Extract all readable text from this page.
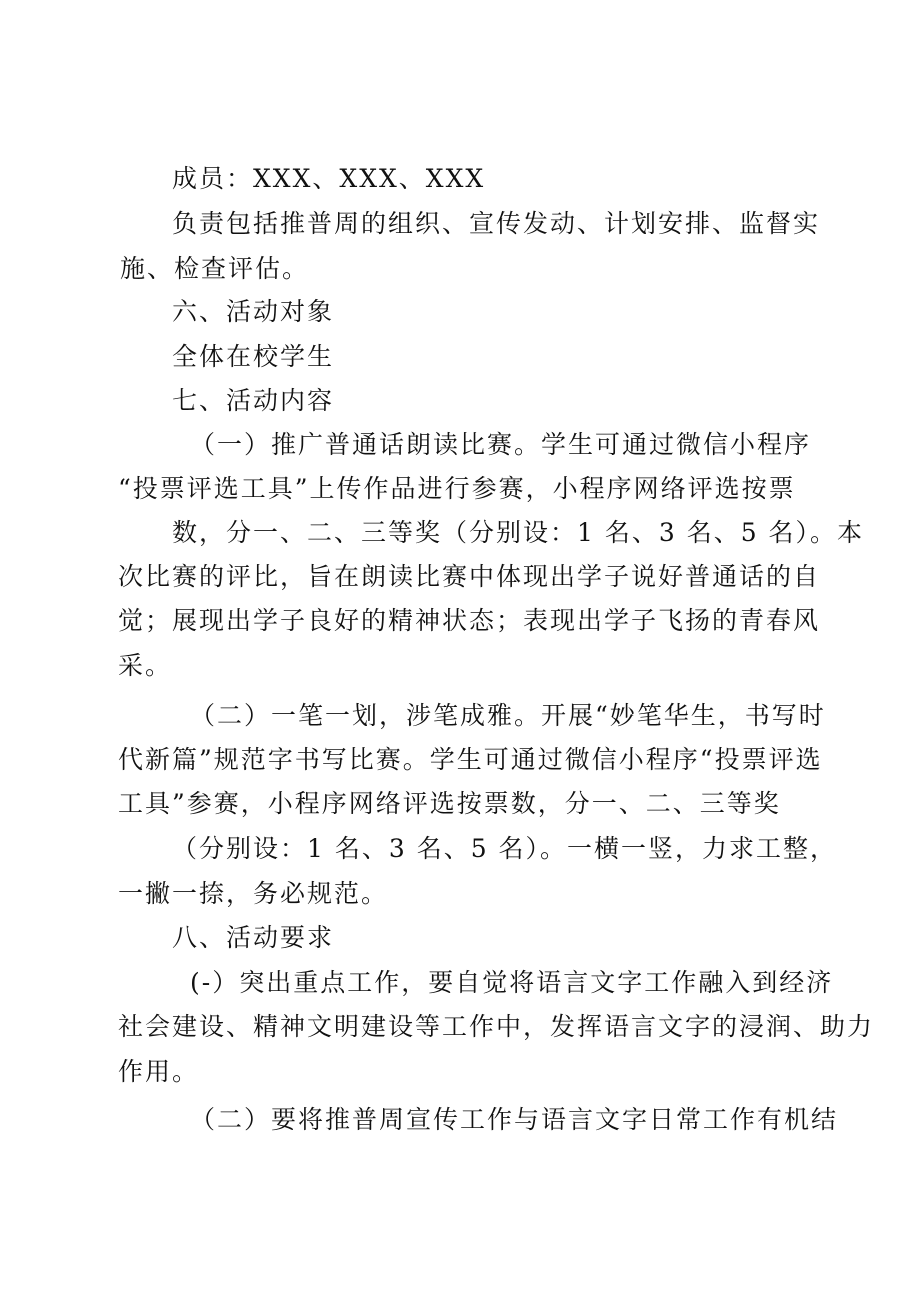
成员：XXX、XXX、XXX
负责包括推普周的组织、宣传发动、计划安排、监督实
施、检查评估。
六、活动对象
全体在校学生
七、活动内容
（一）推广普通话朗读比赛。学生可通过微信小程序
“投票评选工具”上传作品进行参赛，小程序网络评选按票
数，分一、二、三等奖（分别设：1 名、3 名、5 名）。本
次比赛的评比，旨在朗读比赛中体现出学子说好普通话的自
觉；展现出学子良好的精神状态；表现出学子飞扬的青春风
采。
（二）一笔一划，涉笔成雅。开展“妙笔华生，书写时
代新篇”规范字书写比赛。学生可通过微信小程序“投票评选
工具”参赛，小程序网络评选按票数，分一、二、三等奖
（分别设：1 名、3 名、5 名）。一横一竖，力求工整，
一撇一捺，务必规范。
八、活动要求
(-）突出重点工作，要自觉将语言文字工作融入到经济
社会建设、精神文明建设等工作中，发挥语言文字的浸润、助力
作用。
（二）要将推普周宣传工作与语言文字日常工作有机结
